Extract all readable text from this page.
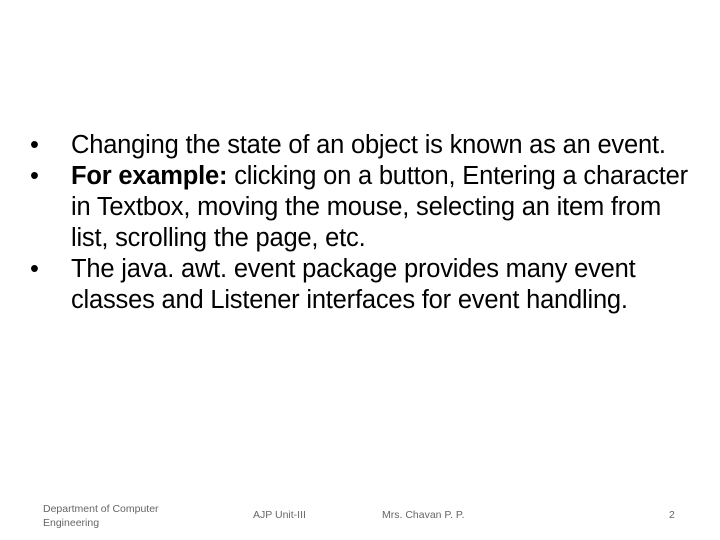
• Changing the state of an object is known as an event.
• For example: clicking on a button, Entering a character in Textbox, moving the mouse, selecting an item from list, scrolling the page, etc.
• The java. awt. event package provides many event classes and Listener interfaces for event handling.
Department of Computer Engineering
AJP Unit-III	Mrs. Chavan P. P.	2
